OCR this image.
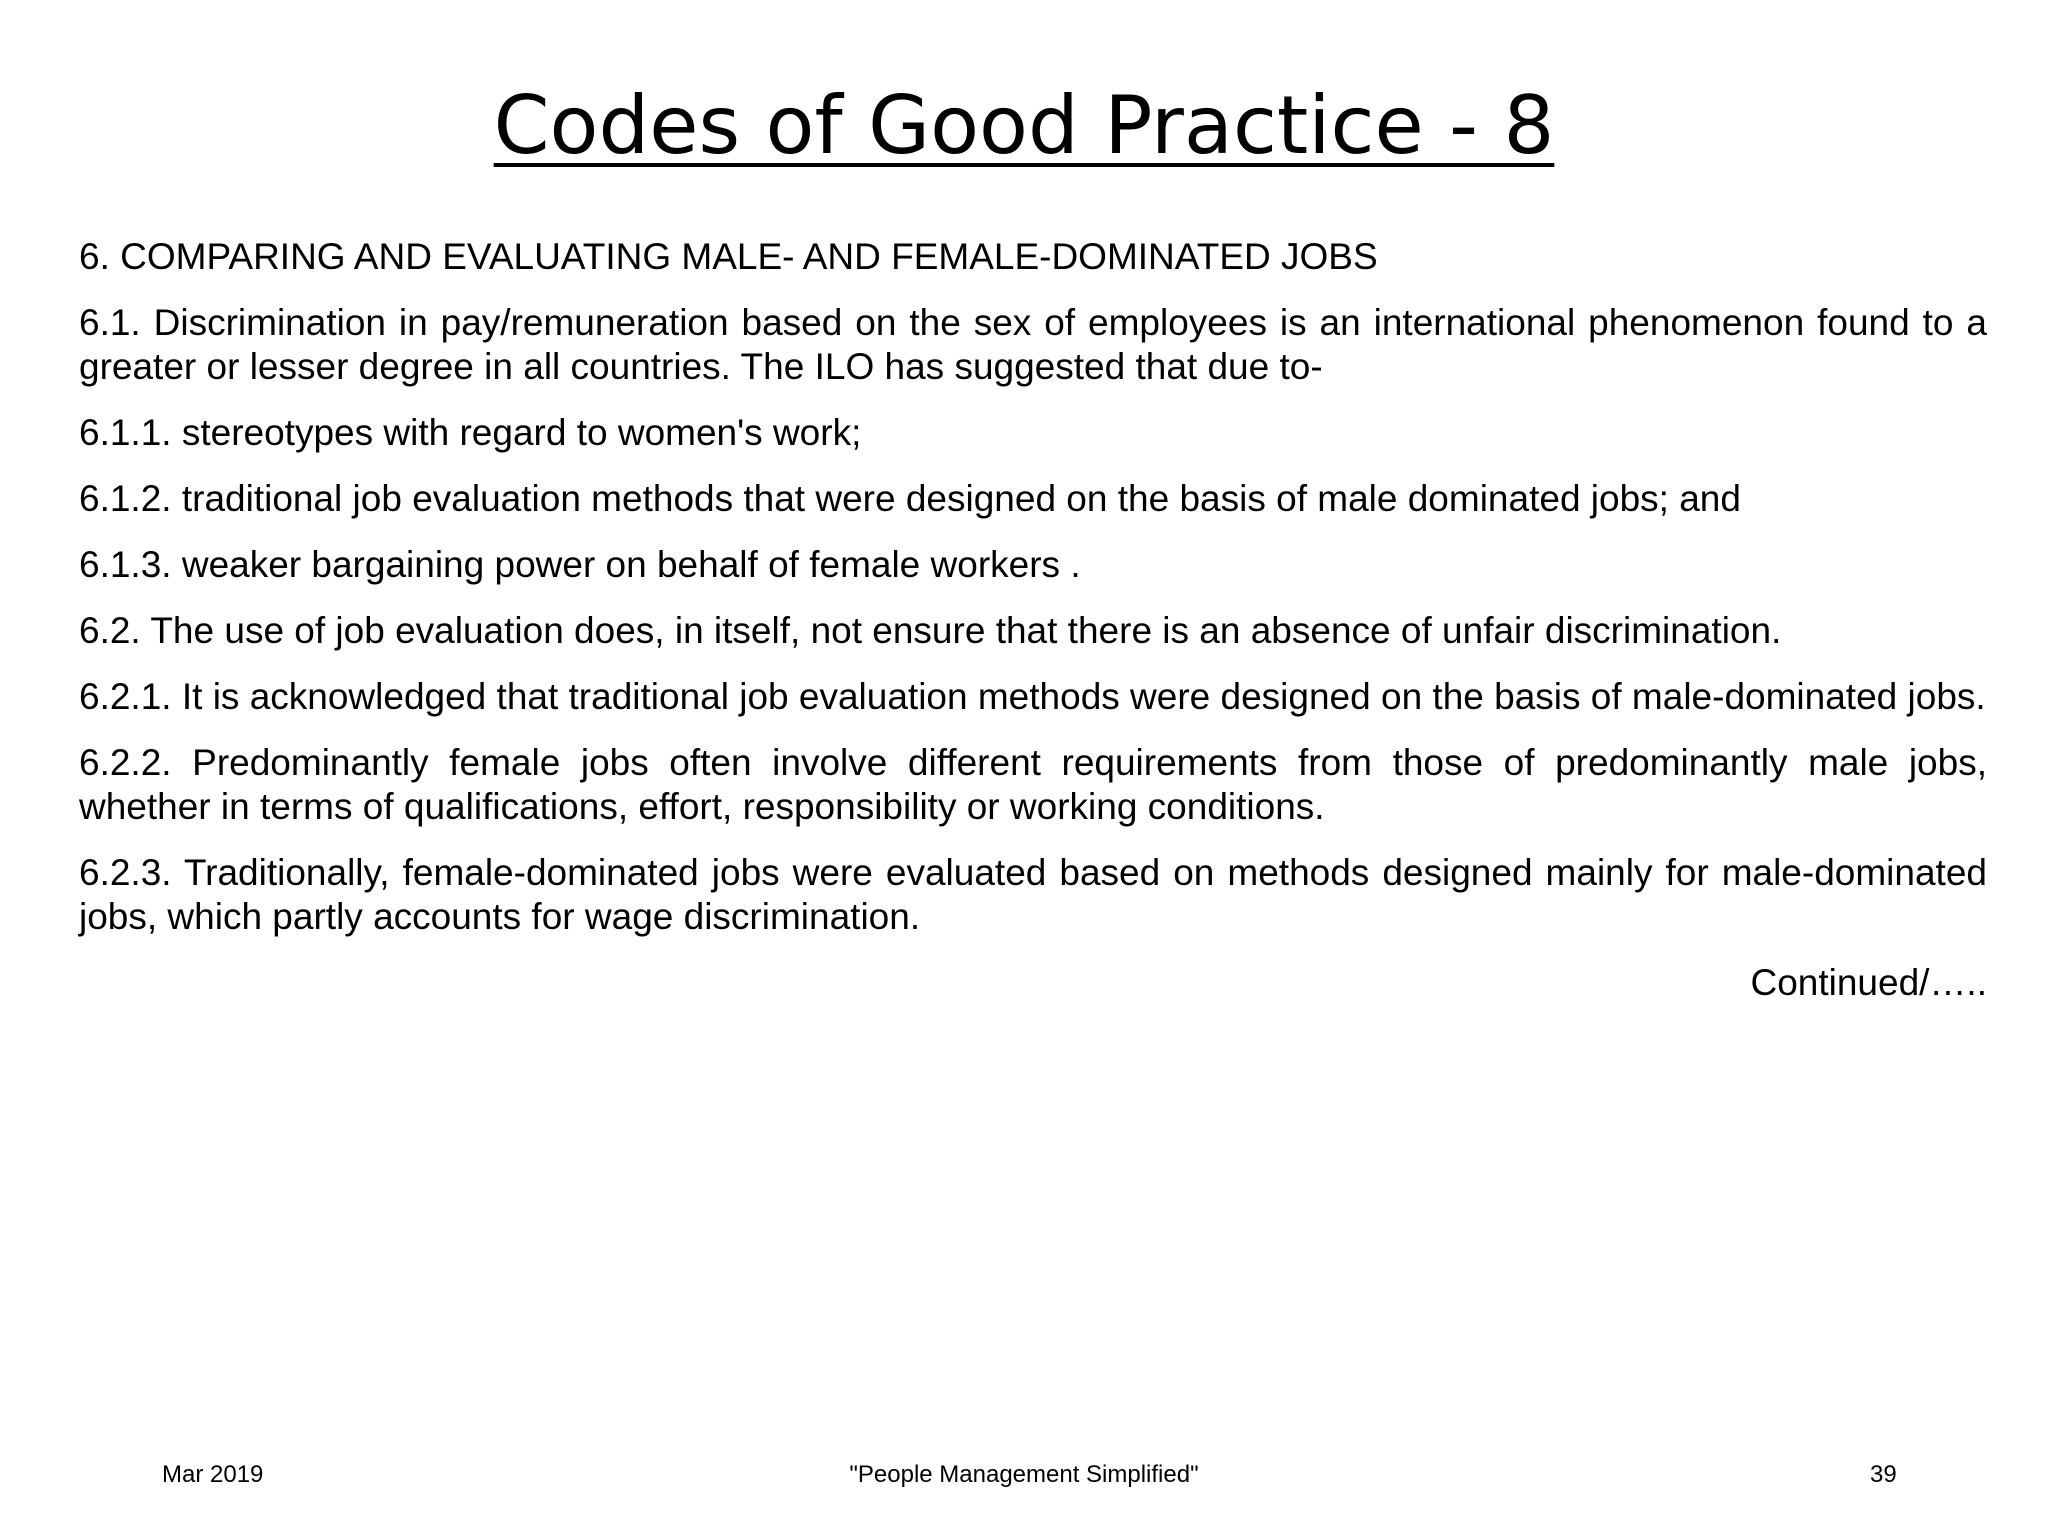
Codes of Good Practice - 8

6. COMPARING AND EVALUATING MALE- AND FEMALE-DOMINATED JOBS

6.1. Discrimination in pay/remuneration based on the sex of employees is an international phenomenon found to a greater or lesser degree in all countries. The ILO has suggested that due to-

6.1.1. stereotypes with regard to women's work;

6.1.2. traditional job evaluation methods that were designed on the basis of male dominated jobs; and

6.1.3. weaker bargaining power on behalf of female workers .

6.2. The use of job evaluation does, in itself, not ensure that there is an absence of unfair discrimination.

6.2.1. It is acknowledged that traditional job evaluation methods were designed on the basis of male-dominated jobs.

6.2.2. Predominantly female jobs often involve different requirements from those of predominantly male jobs, whether in terms of qualifications, effort, responsibility or working conditions.

6.2.3. Traditionally, female-dominated jobs were evaluated based on methods designed mainly for male-dominated jobs, which partly accounts for wage discrimination.

Continued/…..

Mar 2019	"People Management Simplified"	39
